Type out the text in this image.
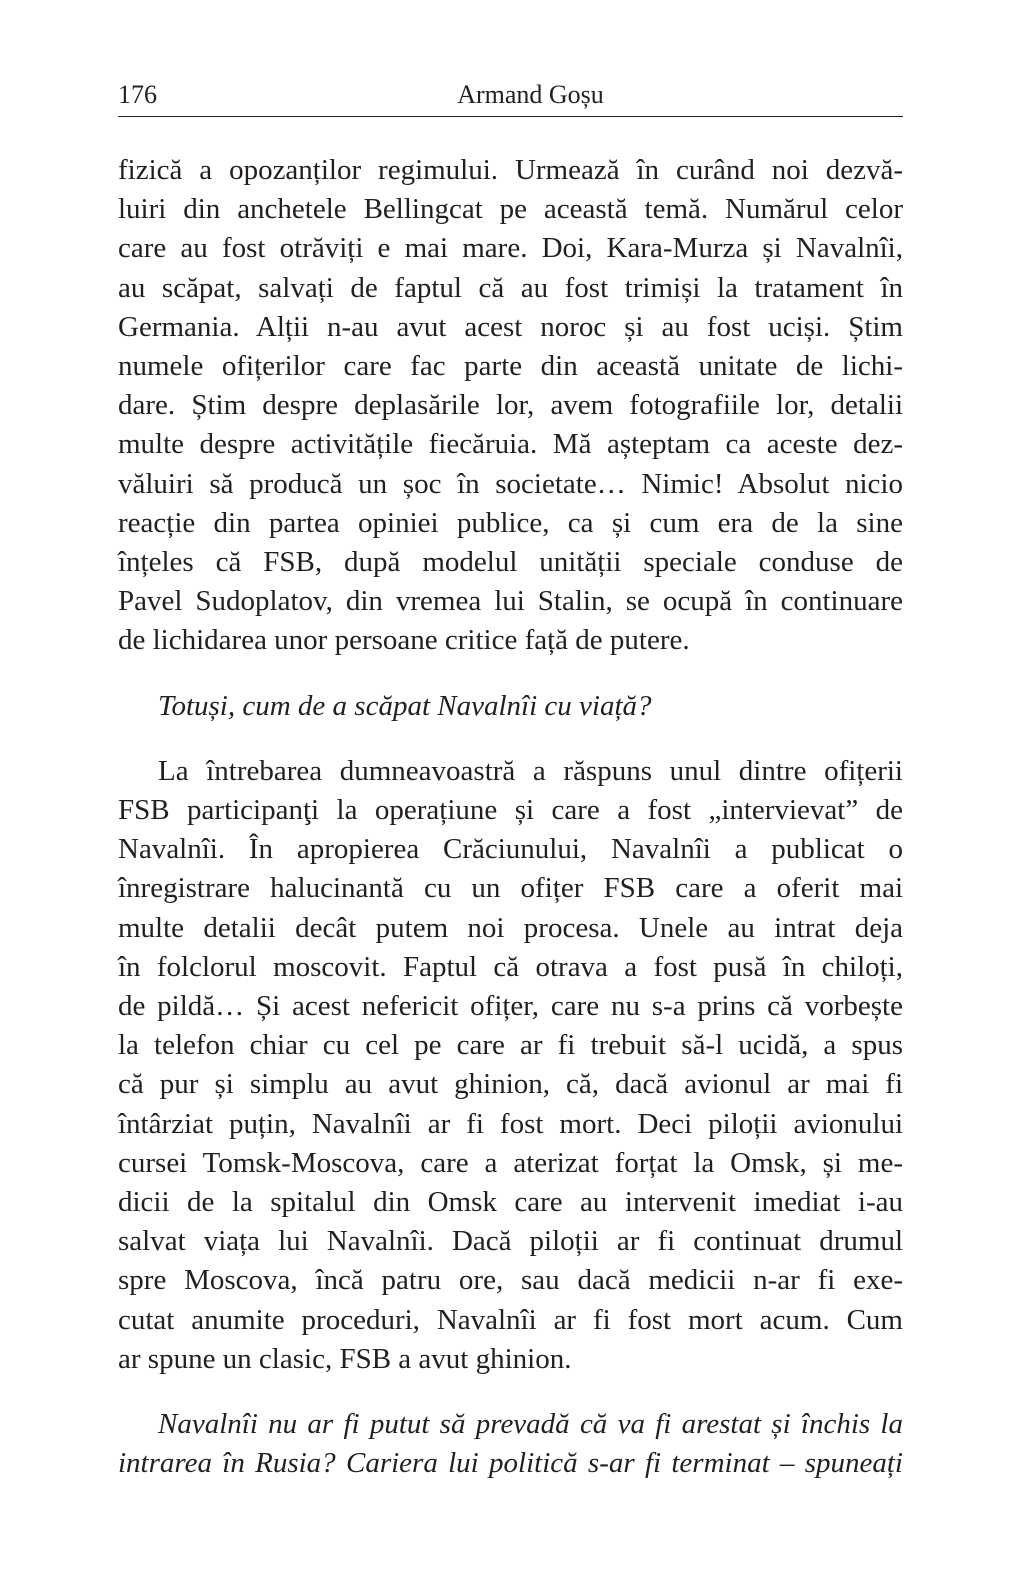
176	Armand Goșu
fizică a opozanților regimului. Urmează în curând noi dezvă-
luiri din anchetele Bellingcat pe această temă. Numărul celor
care au fost otrăviți e mai mare. Doi, Kara-Murza și Navalnîi,
au scăpat, salvați de faptul că au fost trimiși la tratament în
Germania. Alții n-au avut acest noroc și au fost uciși. Știm
numele ofițerilor care fac parte din această unitate de lichi-
dare. Știm despre deplasările lor, avem fotografiile lor, detalii
multe despre activitățile fiecăruia. Mă așteptam ca aceste dez-
văluiri să producă un șoc în societate… Nimic! Absolut nicio
reacție din partea opiniei publice, ca și cum era de la sine
înțeles că FSB, după modelul unității speciale conduse de
Pavel Sudoplatov, din vremea lui Stalin, se ocupă în continuare
de lichidarea unor persoane critice față de putere.
Totuși, cum de a scăpat Navalnîi cu viață?
La întrebarea dumneavoastră a răspuns unul dintre ofițerii
FSB participanţi la operațiune și care a fost „intervievat” de
Navalnîi. În apropierea Crăciunului, Navalnîi a publicat o
înregistrare halucinantă cu un ofițer FSB care a oferit mai
multe detalii decât putem noi procesa. Unele au intrat deja
în folclorul moscovit. Faptul că otrava a fost pusă în chiloți,
de pildă… Și acest nefericit ofițer, care nu s-a prins că vorbește
la telefon chiar cu cel pe care ar fi trebuit să-l ucidă, a spus
că pur și simplu au avut ghinion, că, dacă avionul ar mai fi
întârziat puțin, Navalnîi ar fi fost mort. Deci piloții avionului
cursei Tomsk-Moscova, care a aterizat forțat la Omsk, și me-
dicii de la spitalul din Omsk care au intervenit imediat i-au
salvat viața lui Navalnîi. Dacă piloții ar fi continuat drumul
spre Moscova, încă patru ore, sau dacă medicii n-ar fi exe-
cutat anumite proceduri, Navalnîi ar fi fost mort acum. Cum
ar spune un clasic, FSB a avut ghinion.
Navalnîi nu ar fi putut să prevadă că va fi arestat și închis la
intrarea în Rusia? Cariera lui politică s-ar fi terminat – spuneați
